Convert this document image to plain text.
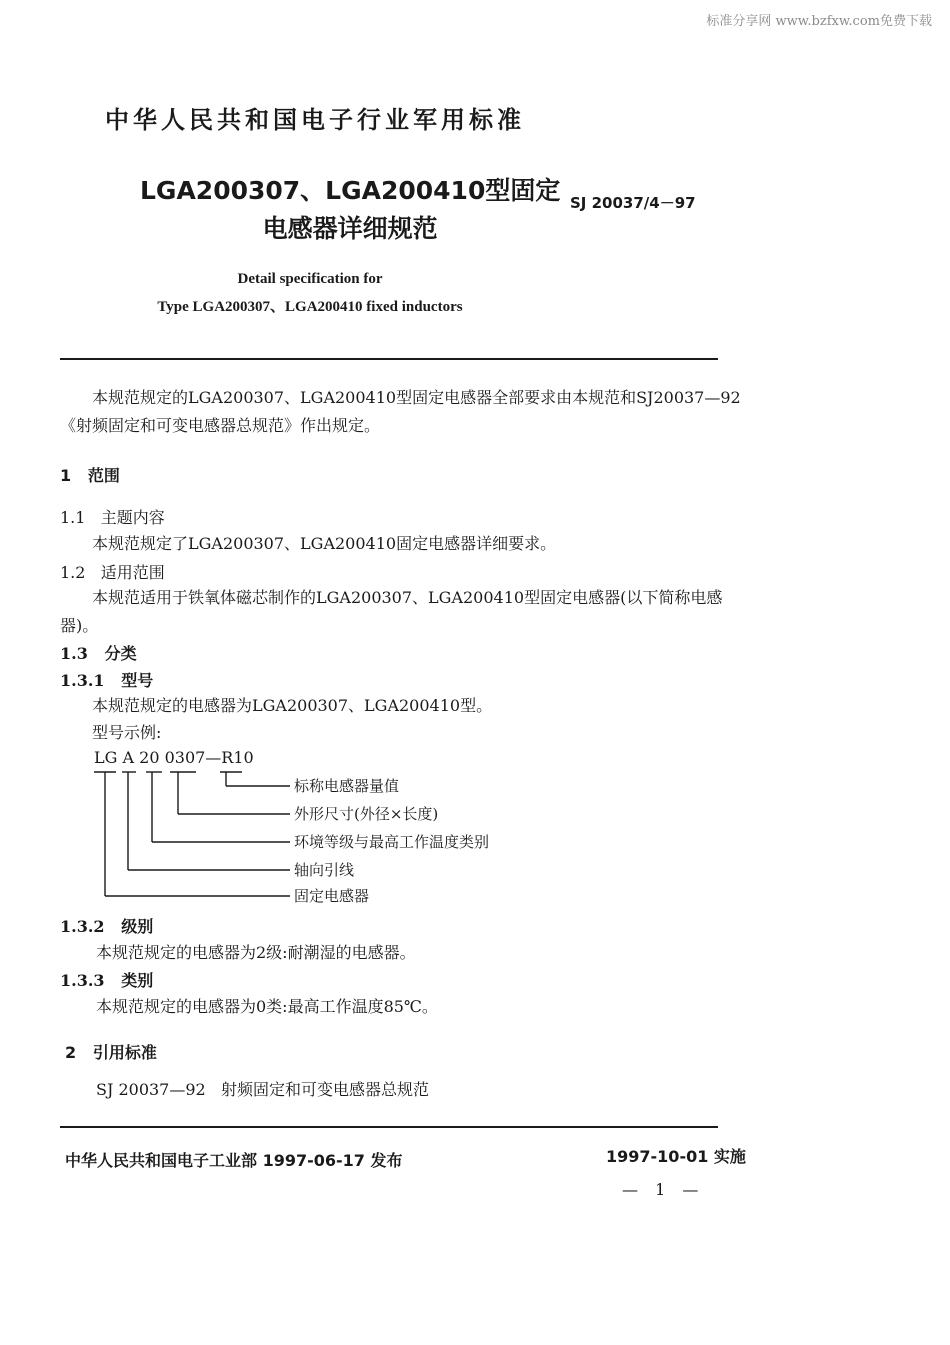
标准分享网 www.bzfxw.com免费下载
中华人民共和国电子行业军用标准
LGA200307、LGA200410型固定
电感器详细规范
SJ 20037/4－97
Detail specification for
Type LGA200307、LGA200410 fixed inductors
本规范规定的LGA200307、LGA200410型固定电感器全部要求由本规范和SJ20037—92
《射频固定和可变电感器总规范》作出规定。
1 范围
1.1 主题内容
本规范规定了LGA200307、LGA200410固定电感器详细要求。
1.2 适用范围
本规范适用于铁氧体磁芯制作的LGA200307、LGA200410型固定电感器(以下简称电感
器)。
1.3 分类
1.3.1 型号
本规范规定的电感器为LGA200307、LGA200410型。
型号示例:
LG A 20 0307—R10
标称电感器量值
外形尺寸(外径×长度)
环境等级与最高工作温度类别
轴向引线
固定电感器
1.3.2 级别
本规范规定的电感器为2级:耐潮湿的电感器。
1.3.3 类别
本规范规定的电感器为0类:最高工作温度85℃。
2 引用标准
SJ 20037—92   射频固定和可变电感器总规范
中华人民共和国电子工业部 1997-06-17 发布	1997-10-01 实施
— 1 —
